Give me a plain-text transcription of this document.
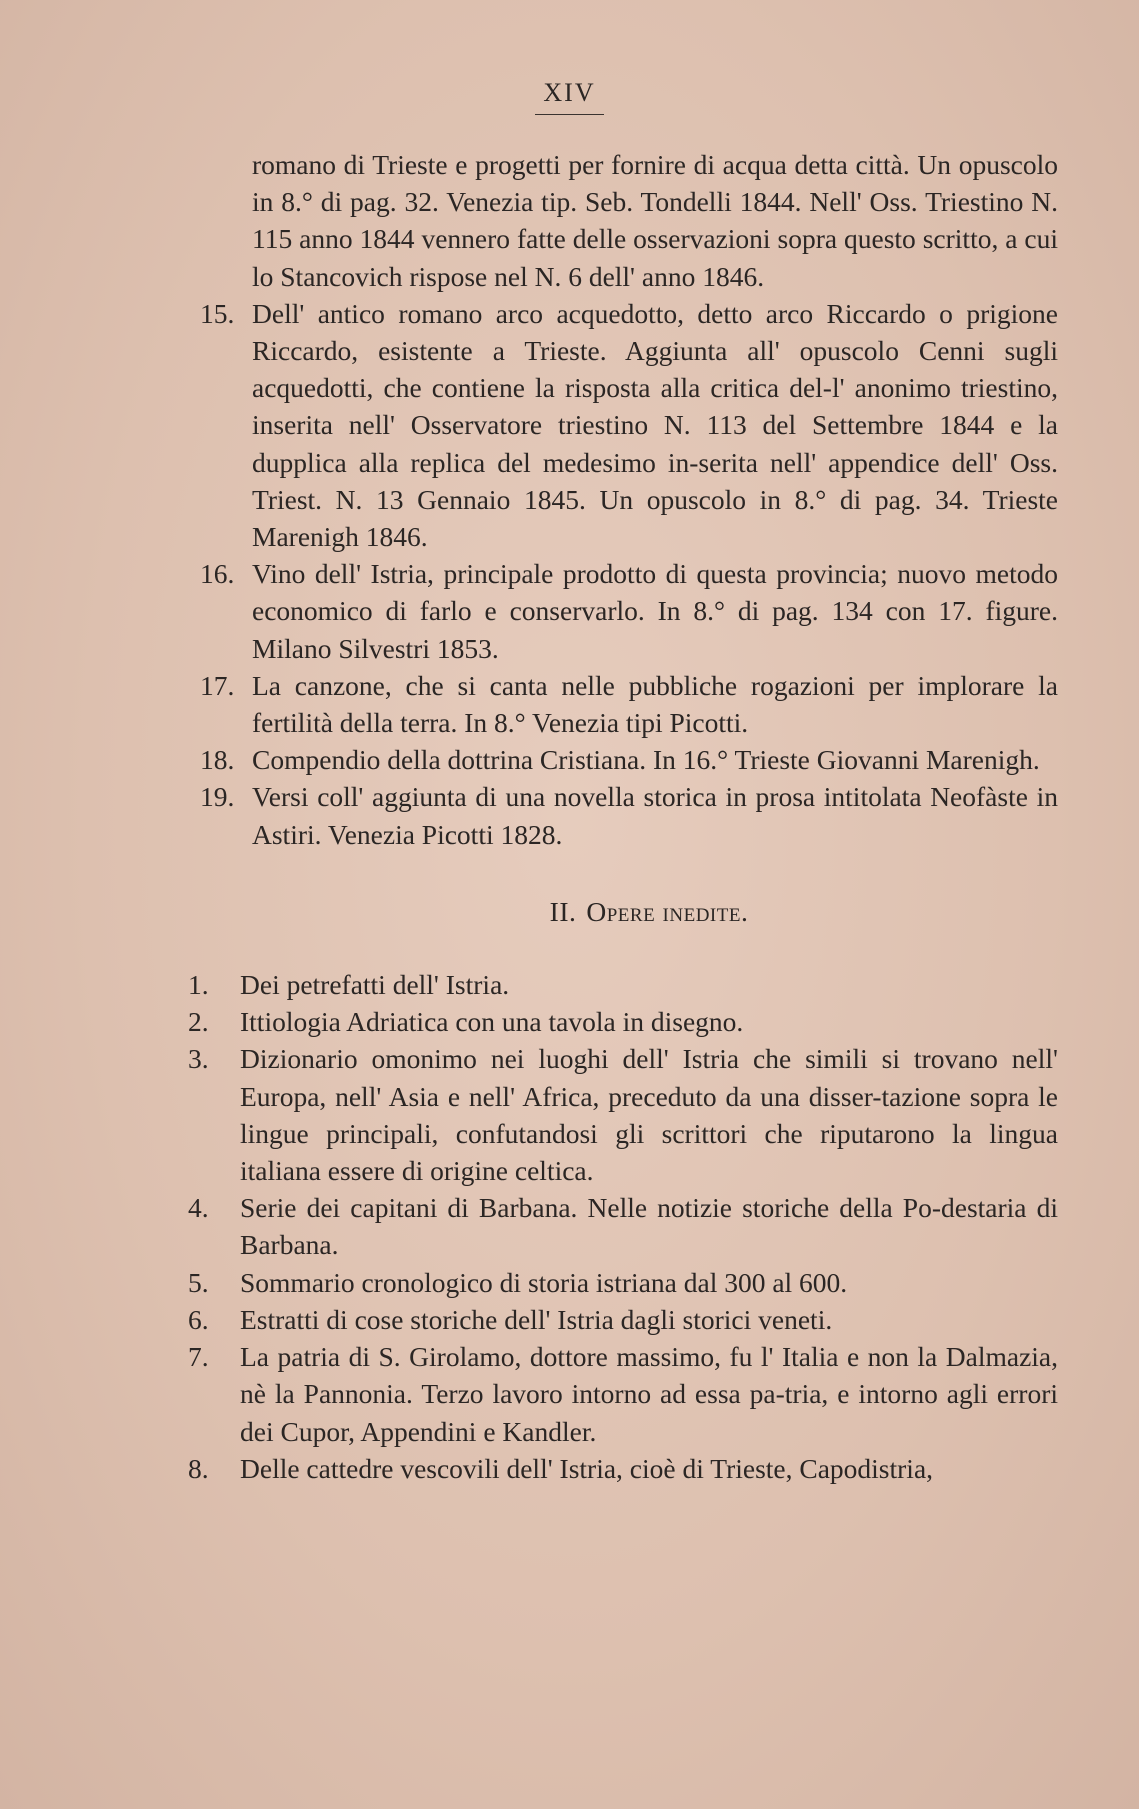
XIV

romano di Trieste e progetti per fornire di acqua detta città. Un opuscolo in 8.° di pag. 32. Venezia tip. Seb. Tondelli 1844. Nell' Oss. Triestino N. 115 anno 1844 vennero fatte delle osservazioni sopra questo scritto, a cui lo Stancovich rispose nel N. 6 dell' anno 1846.

15. Dell' antico romano arco acquedotto, detto arco Riccardo o prigione Riccardo, esistente a Trieste. Aggiunta all' opuscolo Cenni sugli acquedotti, che contiene la risposta alla critica del-l' anonimo triestino, inserita nell' Osservatore triestino N. 113 del Settembre 1844 e la dupplica alla replica del medesimo in-serita nell' appendice dell' Oss. Triest. N. 13 Gennaio 1845. Un opuscolo in 8.° di pag. 34. Trieste Marenigh 1846.
16. Vino dell' Istria, principale prodotto di questa provincia; nuovo metodo economico di farlo e conservarlo. In 8.° di pag. 134 con 17. figure. Milano Silvestri 1853.
17. La canzone, che si canta nelle pubbliche rogazioni per implorare la fertilità della terra. In 8.° Venezia tipi Picotti.
18. Compendio della dottrina Cristiana. In 16.° Trieste Giovanni Marenigh.
19. Versi coll' aggiunta di una novella storica in prosa intitolata Neofàste in Astiri. Venezia Picotti 1828.
II. Opere inedite.
1.	Dei petrefatti dell' Istria.
2.	Ittiologia Adriatica con una tavola in disegno.
3.	Dizionario omonimo nei luoghi dell' Istria che simili si trovano nell' Europa, nell' Asia e nell' Africa, preceduto da una disser-tazione sopra le lingue principali, confutandosi gli scrittori che riputarono la lingua italiana essere di origine celtica.
4.	Serie dei capitani di Barbana. Nelle notizie storiche della Po-destaria di Barbana.
5.	Sommario cronologico di storia istriana dal 300 al 600.
6.	Estratti di cose storiche dell' Istria dagli storici veneti.
7.	La patria di S. Girolamo, dottore massimo, fu l' Italia e non la Dalmazia, nè la Pannonia. Terzo lavoro intorno ad essa pa-tria, e intorno agli errori dei Cupor, Appendini e Kandler.
8.	Delle cattedre vescovili dell' Istria, cioè di Trieste, Capodistria,
